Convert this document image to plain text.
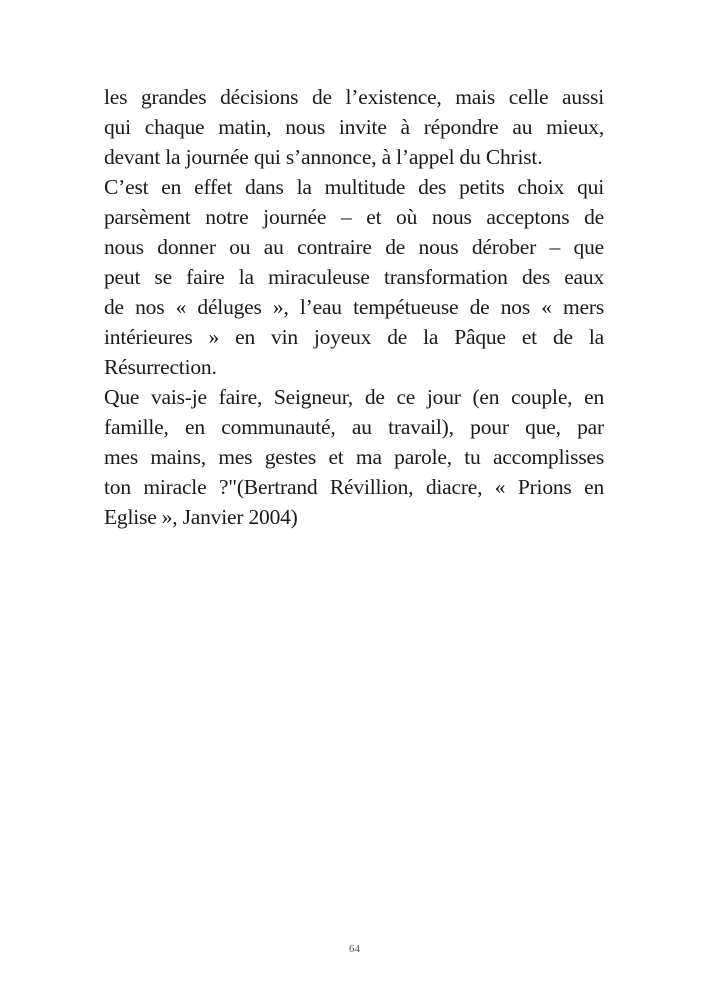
les grandes décisions de l’existence, mais celle aussi
qui chaque matin, nous invite à répondre au mieux,
devant la journée qui s’annonce, à l’appel du Christ.
C’est en effet dans la multitude des petits choix qui
parsèment notre journée – et où nous acceptons de
nous donner ou au contraire de nous dérober – que
peut se faire la miraculeuse transformation des eaux
de nos « déluges », l’eau tempétueuse de nos « mers
intérieures » en vin joyeux de la Pâque et de la
Résurrection.
Que vais-je faire, Seigneur, de ce jour (en couple, en
famille, en communauté, au travail), pour que, par
mes mains, mes gestes et ma parole, tu accomplisses
ton miracle ?"(Bertrand Révillion, diacre, « Prions en
Eglise », Janvier 2004)
64
